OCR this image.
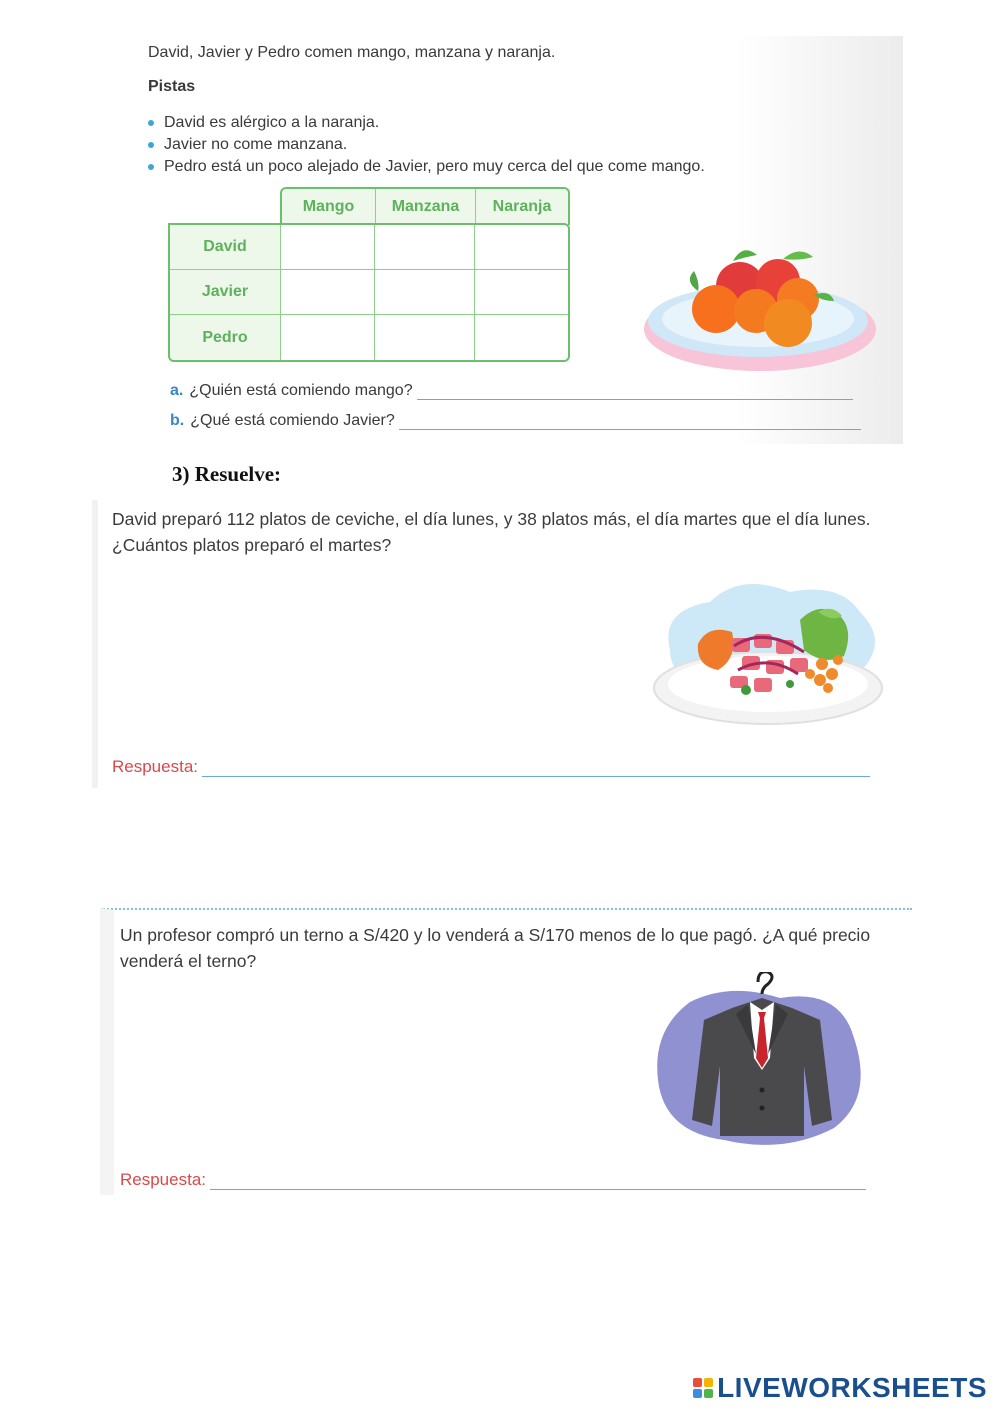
David, Javier y Pedro comen mango, manzana y naranja.
Pistas
David es alérgico a la naranja.
Javier no come manzana.
Pedro está un poco alejado de Javier, pero muy cerca del que come mango.
Mango	Manzana	Naranja
David
Javier
Pedro
a. ¿Quién está comiendo mango?
b. ¿Qué está comiendo Javier?
3) Resuelve:
David preparó 112 platos de ceviche, el día lunes, y 38 platos más, el día martes que el día lunes. ¿Cuántos platos preparó el martes?
Respuesta:
Un profesor compró un terno a S/420 y lo venderá a S/170 menos de lo que pagó. ¿A qué precio venderá el terno?
Respuesta:
LIVEWORKSHEETS
